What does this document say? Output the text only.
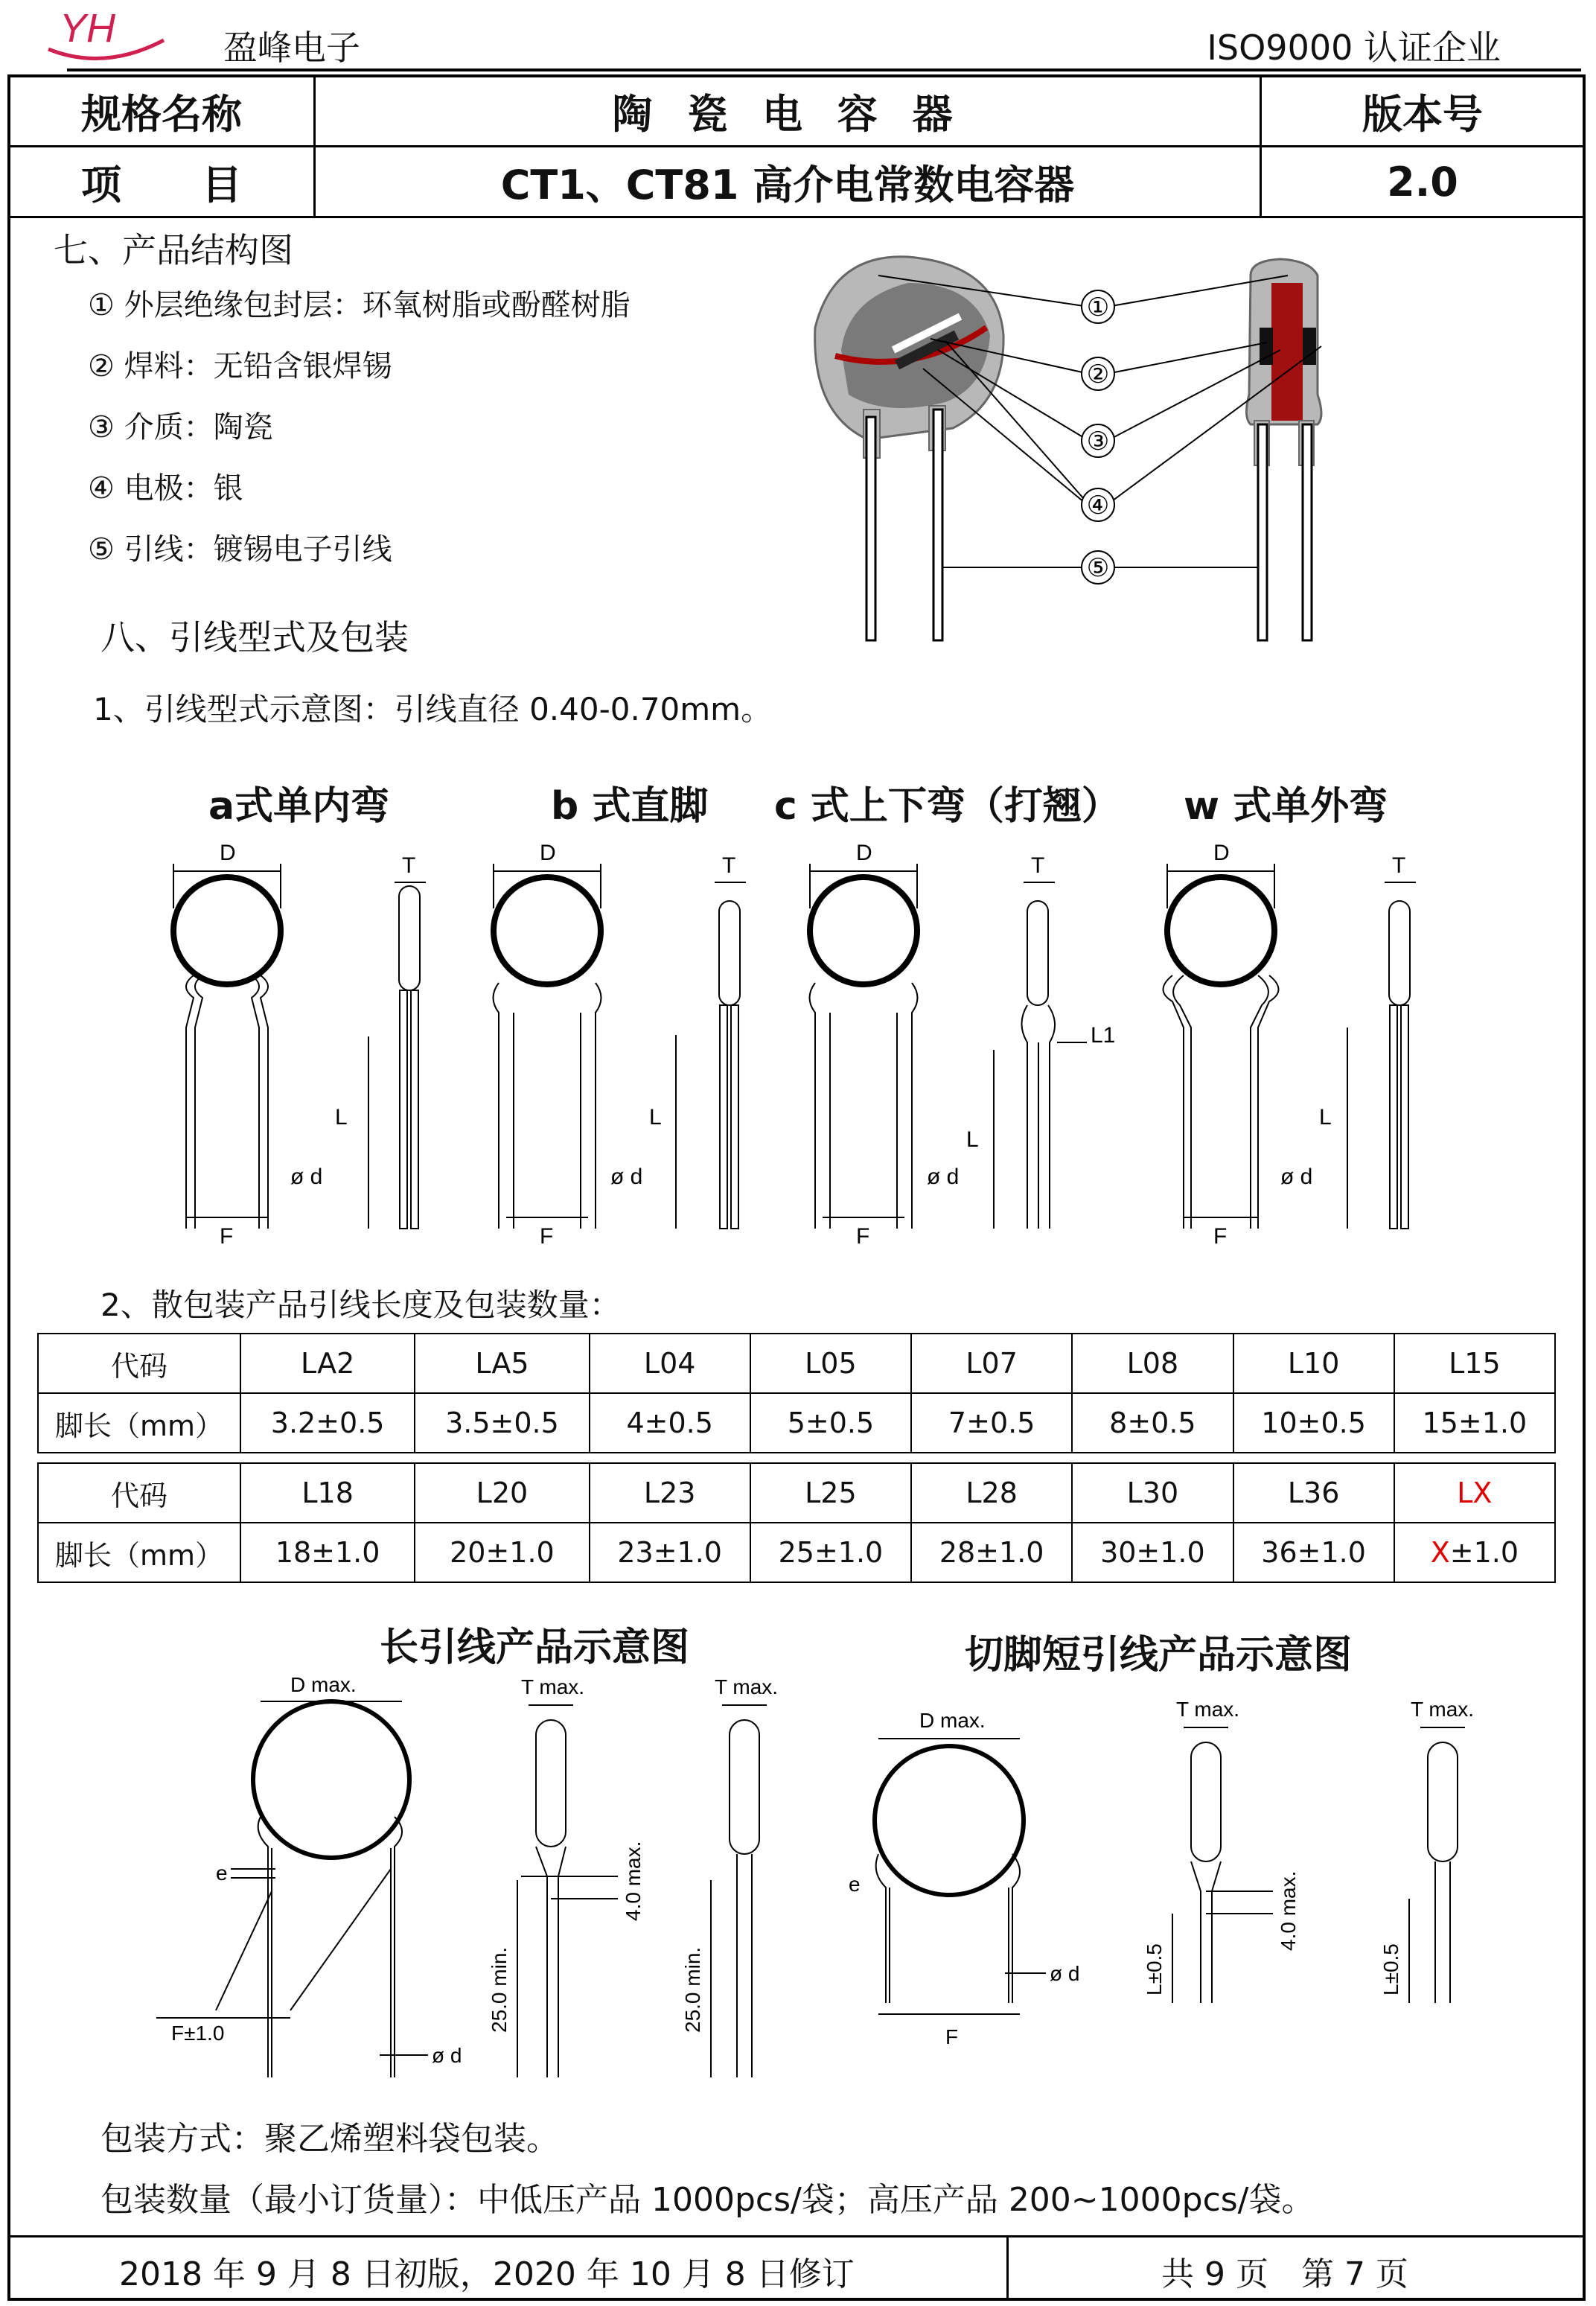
YH	盈峰电子	ISO9000 认证企业
规格名称	陶 瓷 电 容 器	版本号
项　　目	CT1、CT81 高介电常数电容器	2.0
七、产品结构图
① 外层绝缘包封层：环氧树脂或酚醛树脂
② 焊料：无铅含银焊锡
③ 介质：陶瓷
④ 电极：银
⑤ 引线：镀锡电子引线
①
②
③
④
⑤
八、引线型式及包装
1、引线型式示意图：引线直径 0.40-0.70mm。
a式单内弯	b 式直脚 c 式上下弯（打翘） w 式单外弯
D
T
L
ø d
F
D
T
L
ø d
F
D
T
L
L1
ø d
F
D
T
L
ø d
F
2、散包装产品引线长度及包装数量：
代码	LA2	LA5	L04	L05	L07	L08	L10	L15
脚长（mm）	3.2±0.5	3.5±0.5	4±0.5	5±0.5	7±0.5	8±0.5	10±0.5	15±1.0

代码	L18	L20	L23	L25	L28	L30	L36	LX
脚长（mm）	18±1.0	20±1.0	23±1.0	25±1.0	28±1.0	30±1.0	36±1.0	X±1.0
长引线产品示意图	切脚短引线产品示意图
D max.
e
F±1.0
ø d
T max.	T max.
4.0 max.
25.0 min.	25.0 min.
D max.
e
F
ø d
T max.	T max.
4.0 max.
L±0.5	L±0.5
包装方式：聚乙烯塑料袋包装。
包装数量（最小订货量）：中低压产品 1000pcs/袋；高压产品 200~1000pcs/袋。
2018 年 9 月 8 日初版，2020 年 10 月 8 日修订	共 9 页　第 7 页
